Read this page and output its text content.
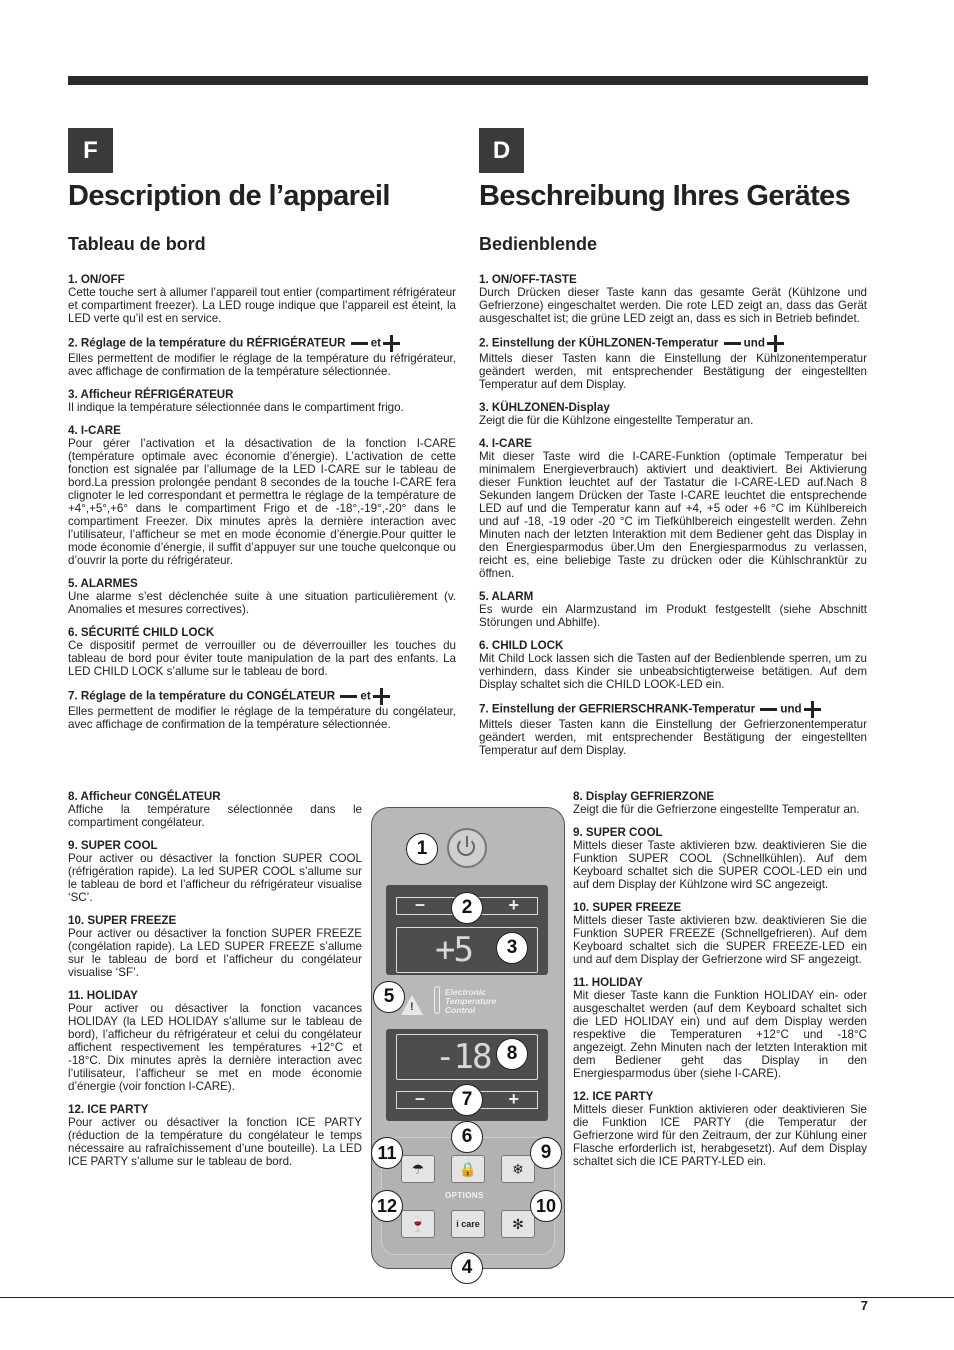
F	D
Description de l’appareil	Beschreibung Ihres Gerätes
Tableau de bord	Bedienblende
1. ON/OFF

Cette touche sert à allumer l’appareil tout entier (compartiment réfrigérateur et compartiment freezer). La LED rouge indique que l’appareil est éteint, la LED verte qu’il est en service.

2. Réglage de la température du RÉFRIGÉRATEUR et

Elles permettent de modifier le réglage de la température du réfrigérateur, avec affichage de confirmation de la température sélectionnée.

3. Afficheur RÉFRIGÉRATEUR

Il indique la température sélectionnée dans le compartiment frigo.

4. I-CARE

Pour gérer l’activation et la désactivation de la fonction I-CARE (température optimale avec économie d’énergie). L’activation de cette fonction est signalée par l’allumage de la LED I-CARE sur le tableau de bord.La pression prolongée pendant 8 secondes de la touche I-CARE fera clignoter le led correspondant et permettra le réglage de la température de +4°,+5°,+6° dans le compartiment Frigo et de -18°,-19°,-20° dans le compartiment Freezer. Dix minutes après la dernière interaction avec l’utilisateur, l’afficheur se met en mode économie d’énergie.Pour quitter le mode économie d’énergie, il suffit d’appuyer sur une touche quelconque ou d’ouvrir la porte du réfrigérateur.

5. ALARMES

Une alarme s’est déclenchée suite à une situation particulièrement (v. Anomalies et mesures correctives).

6. SÉCURITÉ CHILD LOCK

Ce dispositif permet de verrouiller ou de déverrouiller les touches du tableau de bord pour éviter toute manipulation de la part des enfants. La LED CHILD LOCK s’allume sur le tableau de bord.

7. Réglage de la température du CONGÉLATEUR et

Elles permettent de modifier le réglage de la température du congélateur, avec affichage de confirmation de la température sélectionnée.

1. ON/OFF-TASTE

Durch Drücken dieser Taste kann das gesamte Gerät (Kühlzone und Gefrierzone) eingeschaltet werden. Die rote LED zeigt an, dass das Gerät ausgeschaltet ist; die grüne LED zeigt an, dass es sich in Betrieb befindet.

2. Einstellung der KÜHLZONEN-Temperatur und

Mittels dieser Tasten kann die Einstellung der Kühlzonentemperatur geändert werden, mit entsprechender Bestätigung der eingestellten Temperatur auf dem Display.

3. KÜHLZONEN-Display

Zeigt die für die Kühlzone eingestellte Temperatur an.

4. I-CARE

Mit dieser Taste wird die I-CARE-Funktion (optimale Temperatur bei minimalem Energieverbrauch) aktiviert und deaktiviert. Bei Aktivierung dieser Funktion leuchtet auf der Tastatur die I-CARE-LED auf.Nach 8 Sekunden langem Drücken der Taste I-CARE leuchtet die entsprechende LED auf und die Temperatur kann auf +4, +5 oder +6 °C im Kühlbereich und auf -18, -19 oder -20 °C im Tiefkühlbereich eingestellt werden. Zehn Minuten nach der letzten Interaktion mit dem Bediener geht das Display in den Energiesparmodus über.Um den Energiesparmodus zu verlassen, reicht es, eine beliebige Taste zu drücken oder die Kühlschranktür zu öffnen.

5. ALARM

Es wurde ein Alarmzustand im Produkt festgestellt (siehe Abschnitt Störungen und Abhilfe).

6. CHILD LOCK

Mit Child Lock lassen sich die Tasten auf der Bedienblende sperren, um zu verhindern, dass Kinder sie unbeabsichtigterweise betätigen. Auf dem Display schaltet sich die CHILD LOOK-LED ein.

7. Einstellung der GEFRIERSCHRANK-Temperatur und

Mittels dieser Tasten kann die Einstellung der Gefrierzonentemperatur geändert werden, mit entsprechender Bestätigung der eingestellten Temperatur auf dem Display.

8. Afficheur C0NGÉLATEUR

Affiche la température sélectionnée dans le compartiment congélateur.

9. SUPER COOL

Pour activer ou désactiver la fonction SUPER COOL (réfrigération rapide). La led SUPER COOL s’allume sur le tableau de bord et l’afficheur du réfrigérateur visualise ‘SC’.

10. SUPER FREEZE

Pour activer ou désactiver la fonction SUPER FREEZE (congélation rapide). La LED SUPER FREEZE s’allume sur le tableau de bord et l’afficheur du congélateur visualise ‘SF’.

11. HOLIDAY

Pour activer ou désactiver la fonction vacances HOLIDAY (la LED HOLIDAY s’allume sur le tableau de bord), l’afficheur du réfrigérateur et celui du congélateur affichent respectivement les températures +12°C et -18°C. Dix minutes après la dernière interaction avec l’utilisateur, l’afficheur se met en mode économie d’énergie (voir fonction I-CARE).

12. ICE PARTY

Pour activer ou désactiver la fonction ICE PARTY (réduction de la température du congélateur le temps nécessaire au rafraîchissement d’une bouteille). La LED ICE PARTY s’allume sur le tableau de bord.

8. Display GEFRIERZONE

Zeigt die für die Gefrierzone eingestellte Temperatur an.

9. SUPER COOL

Mittels dieser Taste aktivieren bzw. deaktivieren Sie die Funktion SUPER COOL (Schnellkühlen). Auf dem Keyboard schaltet sich die SUPER COOL-LED ein und auf dem Display der Kühlzone wird SC angezeigt.

10. SUPER FREEZE

Mittels dieser Taste aktivieren bzw. deaktivieren Sie die Funktion SUPER FREEZE (Schnellgefrieren). Auf dem Keyboard schaltet sich die SUPER FREEZE-LED ein und auf dem Display der Gefrierzone wird SF angezeigt.

11. HOLIDAY

Mit dieser Taste kann die Funktion HOLIDAY ein- oder ausgeschaltet werden (auf dem Keyboard schaltet sich die LED HOLIDAY ein) und auf dem Display werden respektive die Temperaturen +12°C und -18°C angezeigt. Zehn Minuten nach der letzten Interaktion mit dem Bediener geht das Display in den Energiesparmodus über (siehe I-CARE).

12. ICE PARTY

Mittels dieser Funktion aktivieren oder deaktivieren Sie die Funktion ICE PARTY (die Temperatur der Gefrierzone wird für den Zeitraum, der zur Kühlung einer Flasche erforderlich ist, herabgesetzt). Auf dem Display schaltet sich die ICE PARTY-LED ein.

–	+
+5
!
Electronic Temperature Control
-18
–	+
☂	🔒	❄
OPTIONS
🍷	i care	✻
1
2
3
4
5
6
7
8
9
10
11
12
7
